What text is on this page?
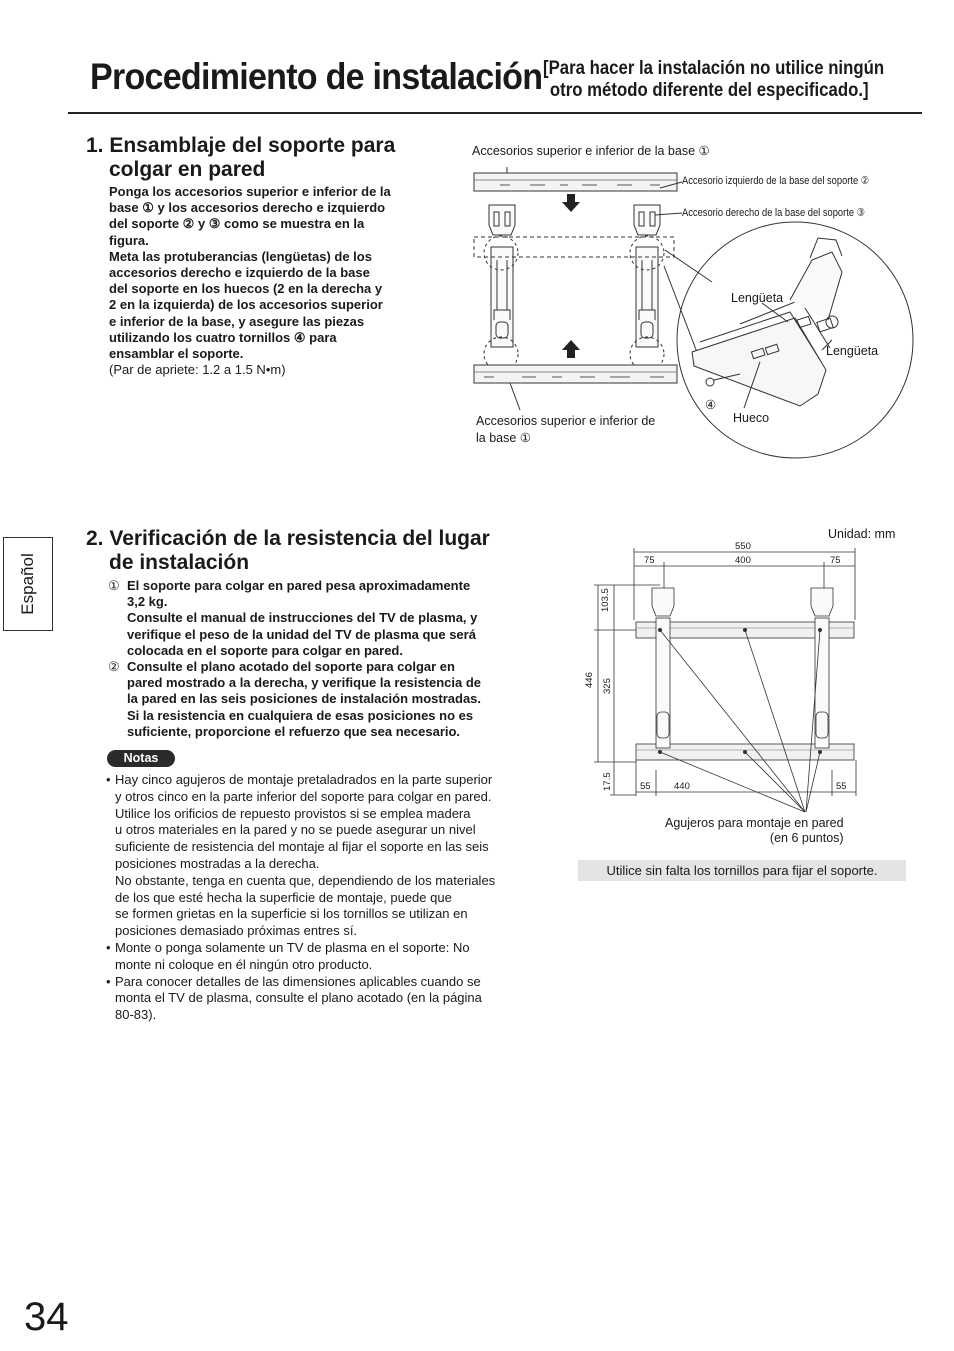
Procedimiento de instalación [Para hacer la instalación no utilice ningún
otro método diferente del especificado.]
Español
1. Ensamblaje del soporte para
colgar en pared
Ponga los accesorios superior e inferior de la
base ① y los accesorios derecho e izquierdo
del soporte ② y ③ como se muestra en la
figura.
Meta las protuberancias (lengüetas) de los
accesorios derecho e izquierdo de la base
del soporte en los huecos (2 en la derecha y
2 en la izquierda) de los accesorios superior
e inferior de la base, y asegure las piezas
utilizando los cuatro tornillos ④ para
ensamblar el soporte.
(Par de apriete: 1.2 a 1.5 N•m)
Accesorios superior e inferior de la base ①
Accesorio izquierdo de la base del soporte ②
Accesorio derecho de la base del soporte ③
Accesorios superior e inferior de
la base ①
Lengüeta
Lengüeta
④
Hueco
2. Verificación de la resistencia del lugar
de instalación
① El soporte para colgar en pared pesa aproximadamente
3,2 kg.
Consulte el manual de instrucciones del TV de plasma, y
verifique el peso de la unidad del TV de plasma que será
colocada en el soporte para colgar en pared.
② Consulte el plano acotado del soporte para colgar en
pared mostrado a la derecha, y verifique la resistencia de
la pared en las seis posiciones de instalación mostradas.
Si la resistencia en cualquiera de esas posiciones no es
suficiente, proporcione el refuerzo que sea necesario.
Notas

• Hay cinco agujeros de montaje pretaladrados en la parte superior

y otros cinco en la parte inferior del soporte para colgar en pared.

Utilice los orificios de repuesto provistos si se emplea madera

u otros materiales en la pared y no se puede asegurar un nivel

suficiente de resistencia del montaje al fijar el soporte en las seis

posiciones mostradas a la derecha.

No obstante, tenga en cuenta que, dependiendo de los materiales

de los que esté hecha la superficie de montaje, puede que

se formen grietas en la superficie si los tornillos se utilizan en

posiciones demasiado próximas entres sí.

• Monte o ponga solamente un TV de plasma en el soporte: No

monte ni coloque en él ningún otro producto.

• Para conocer detalles de las dimensiones aplicables cuando se

monta el TV de plasma, consulte el plano acotado (en la página

80-83).

Unidad: mm
550
75	400	75
103.5
446 325
17.5	55 440	55
Agujeros para montaje en pared
(en 6 puntos)
Utilice sin falta los tornillos para fijar el soporte.
34
